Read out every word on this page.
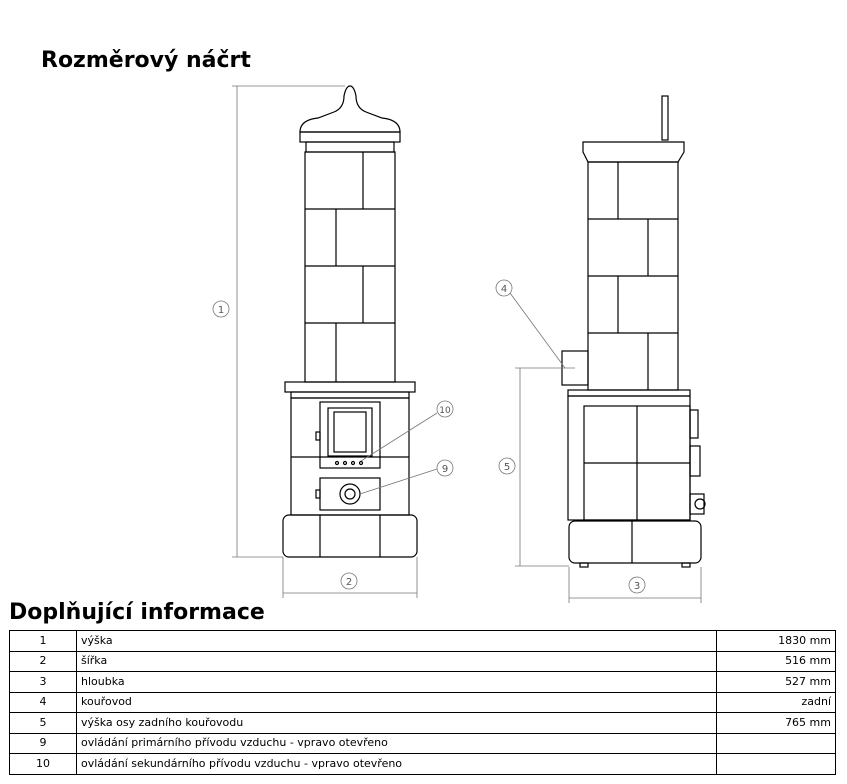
Rozměrový náčrt
1
2	3
4
5
9
10
Doplňující informace
1	výška	1830 mm
2	šířka	516 mm
3	hloubka	527 mm
4	kouřovod	zadní
5	výška osy zadního kouřovodu	765 mm
9	ovládání primárního přívodu vzduchu - vpravo otevřeno	
10	ovládání sekundárního přívodu vzduchu - vpravo otevřeno	
